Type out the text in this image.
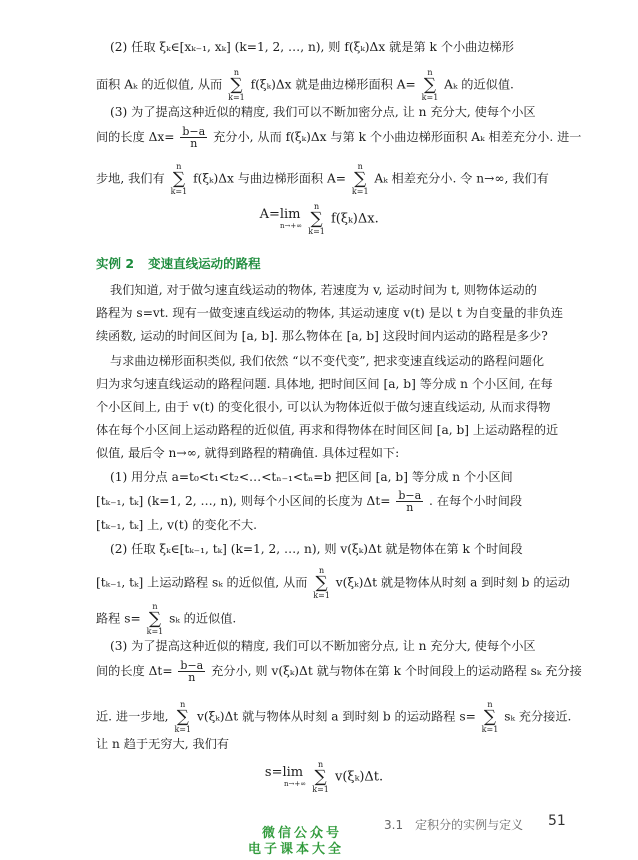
(2) 任取 ξₖ∈[xₖ₋₁, xₖ] (k=1, 2, …, n), 则 f(ξₖ)Δx 就是第 k 个小曲边梯形
面积 Aₖ 的近似值, 从而 n
∑
k=1 f(ξₖ)Δx 就是曲边梯形面积 A= n
∑
k=1 Aₖ 的近似值.
(3) 为了提高这种近似的精度, 我们可以不断加密分点, 让 n 充分大, 使每个小区
间的长度 $\Delta x= \frac{b-a}{n}$ 充分小, 从而 f(ξₖ)Δx 与第 k 个小曲边梯形面积 Aₖ 相差充分小. 进一
步地, 我们有 n
∑
k=1 f(ξₖ)Δx 与曲边梯形面积 A= n
∑
k=1 Aₖ 相差充分小. 令 n→∞, 我们有
A=lim
n→+∞
n
∑
k=1 f(ξₖ)Δx.
实例 2 变速直线运动的路程
我们知道, 对于做匀速直线运动的物体, 若速度为 v, 运动时间为 t, 则物体运动的
路程为 s=vt. 现有一做变速直线运动的物体, 其运动速度 v(t) 是以 t 为自变量的非负连
续函数, 运动的时间区间为 [a, b]. 那么物体在 [a, b] 这段时间内运动的路程是多少?
与求曲边梯形面积类似, 我们依然 “以不变代变”, 把求变速直线运动的路程问题化
归为求匀速直线运动的路程问题. 具体地, 把时间区间 [a, b] 等分成 n 个小区间, 在每
个小区间上, 由于 v(t) 的变化很小, 可以认为物体近似于做匀速直线运动, 从而求得物
体在每个小区间上运动路程的近似值, 再求和得物体在时间区间 [a, b] 上运动路程的近
似值, 最后令 n→∞, 就得到路程的精确值. 具体过程如下:
(1) 用分点 a=t₀<t₁<t₂<…<tₙ₋₁<tₙ=b 把区间 [a, b] 等分成 n 个小区间
[tₖ₋₁, tₖ] (k=1, 2, …, n), 则每个小区间的长度为 $\Delta t= \frac{b-a}{n}$ . 在每个小时间段
[tₖ₋₁, tₖ] 上, v(t) 的变化不大.
(2) 任取 ξₖ∈[tₖ₋₁, tₖ] (k=1, 2, …, n), 则 v(ξₖ)Δt 就是物体在第 k 个时间段
[tₖ₋₁, tₖ] 上运动路程 sₖ 的近似值, 从而 n
∑
k=1 v(ξₖ)Δt 就是物体从时刻 a 到时刻 b 的运动
路程 s= n
∑
k=1 sₖ 的近似值.
(3) 为了提高这种近似的精度, 我们可以不断加密分点, 让 n 充分大, 使每个小区
间的长度 $\Delta t= \frac{b-a}{n}$ 充分小, 则 v(ξₖ)Δt 就与物体在第 k 个时间段上的运动路程 sₖ 充分接
近. 进一步地, n
∑
k=1 v(ξₖ)Δt 就与物体从时刻 a 到时刻 b 的运动路程 s= n
∑
k=1 sₖ 充分接近.
让 n 趋于无穷大, 我们有
s=lim
n→+∞
n
∑
k=1 v(ξₖ)Δt.
3.1　定积分的实例与定义 51
微信公众号
电子课本大全
